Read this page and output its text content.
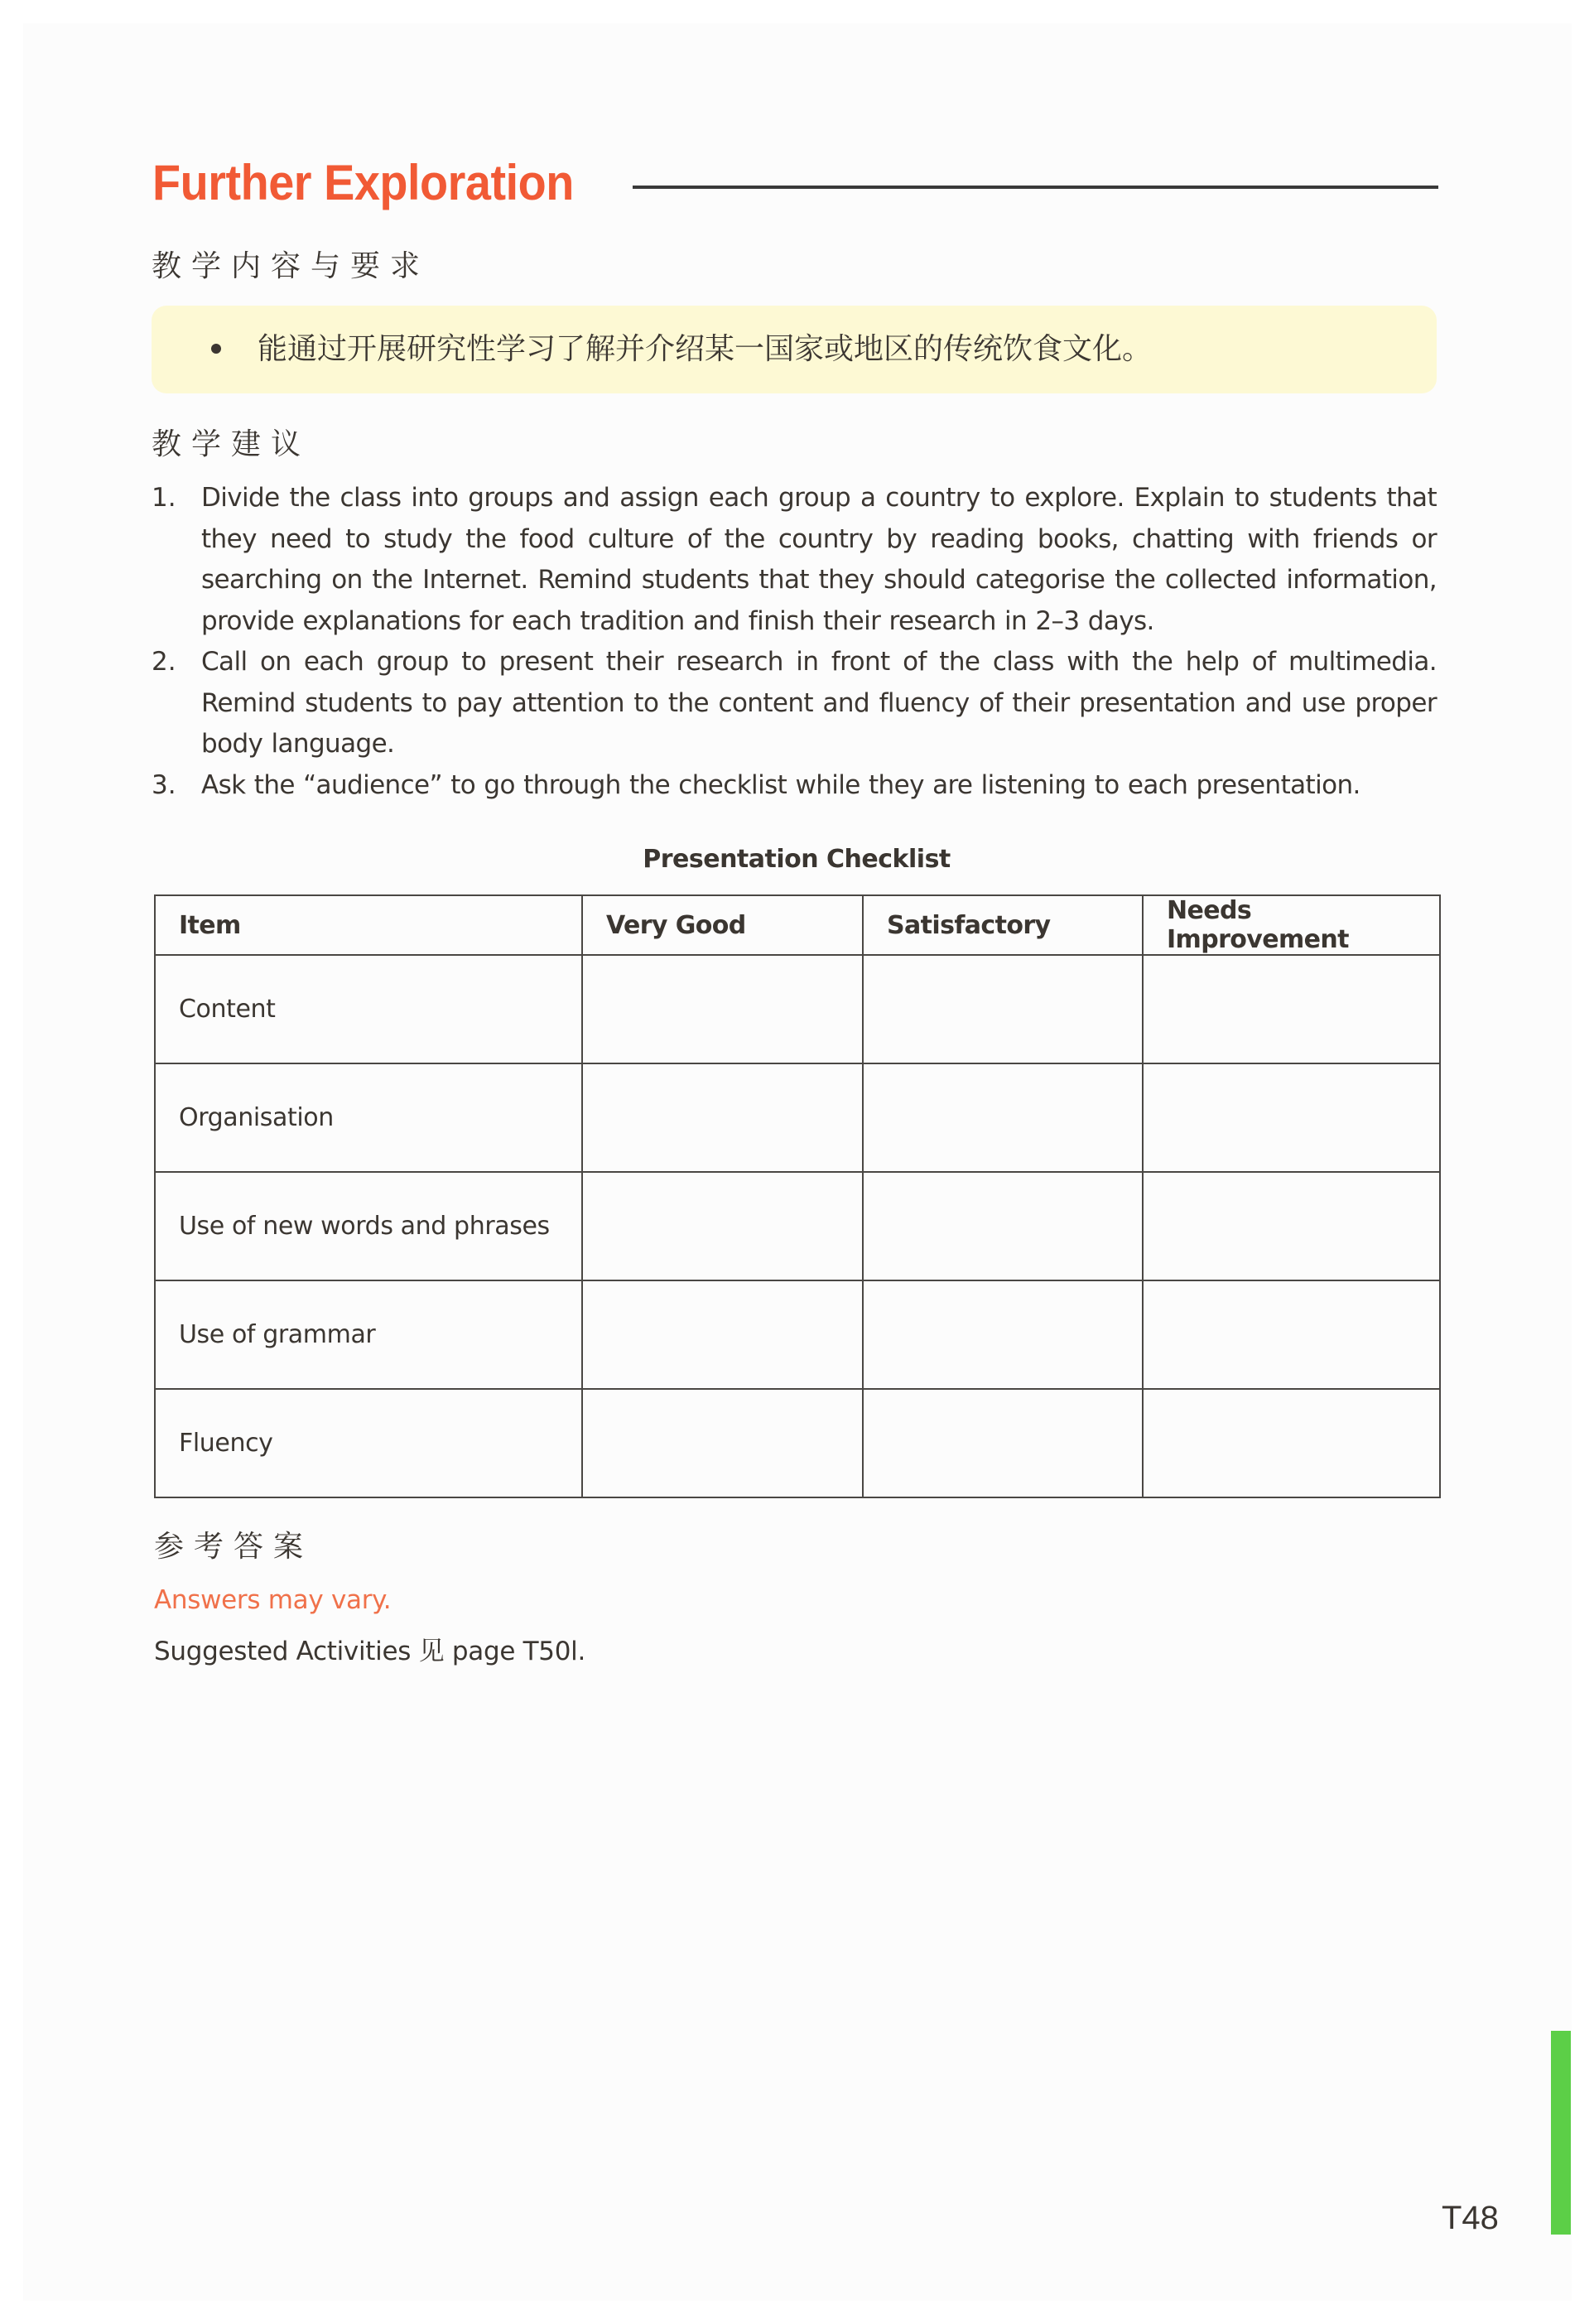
Further Exploration
教学内容与要求

能通过开展研究性学习了解并介绍某一国家或地区的传统饮食文化。

教学建议
1. Divide the class into groups and assign each group a country to explore. Explain to students that they need to study the food culture of the country by reading books, chatting with friends or searching on the Internet. Remind students that they should categorise the collected information, provide explanations for each tradition and finish their research in 2–3 days.
2. Call on each group to present their research in front of the class with the help of multimedia. Remind students to pay attention to the content and fluency of their presentation and use proper body language.
3. Ask the “audience” to go through the checklist while they are listening to each presentation.

Presentation Checklist

Item	Very Good	Satisfactory	Needs Improvement
Content			
Organisation			
Use of new words and phrases			
Use of grammar			
Fluency			
参考答案

Answers may vary.

Suggested Activities 见 page T50l.

T48
